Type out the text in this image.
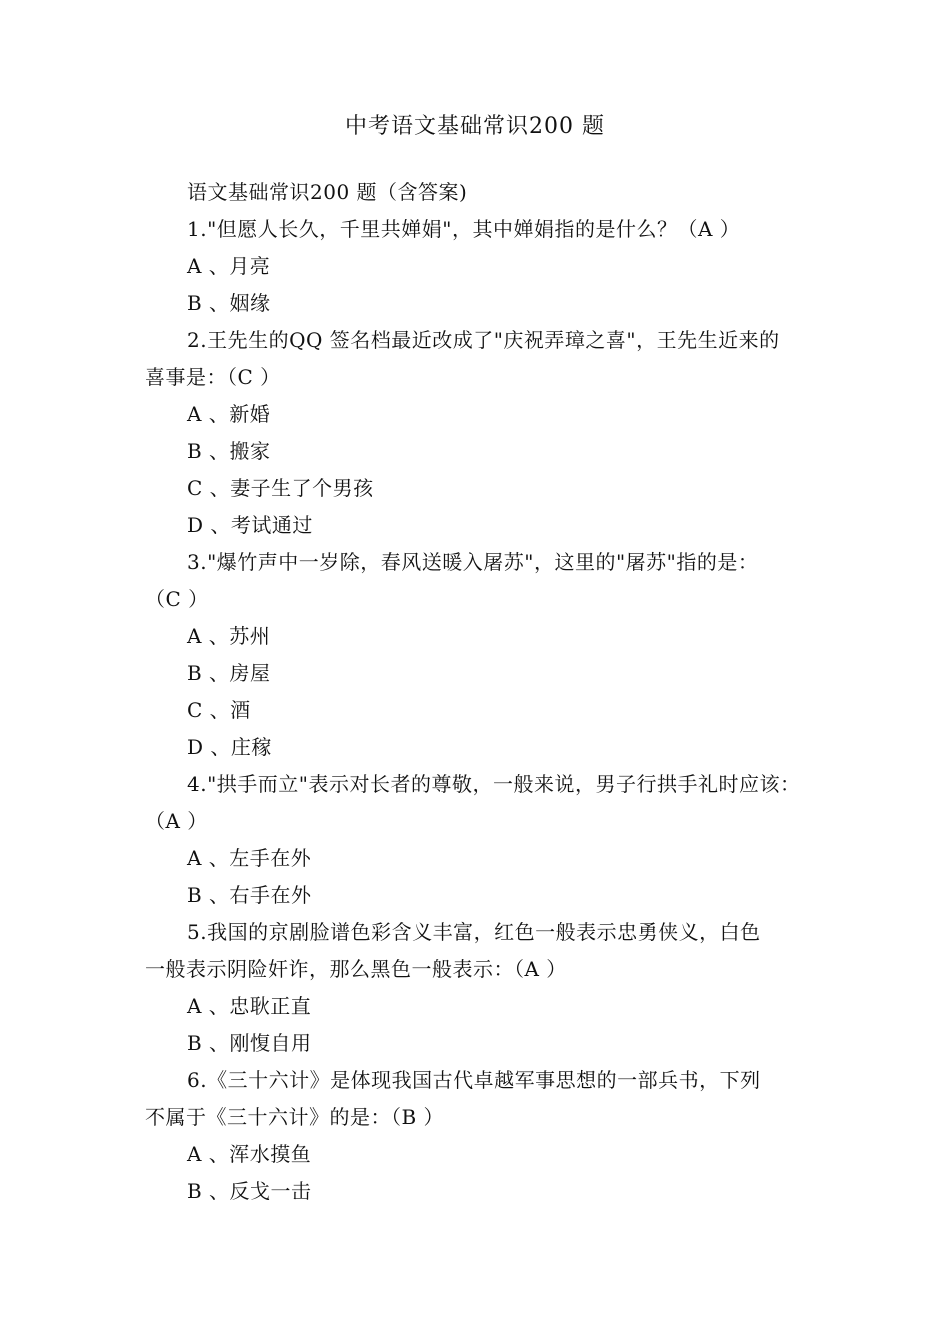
中考语文基础常识200 题
语文基础常识200 题（含答案)
1."但愿人长久，千里共婵娟"，其中婵娟指的是什么？（A ）
A 、月亮
B 、姻缘
2.王先生的QQ 签名档最近改成了"庆祝弄璋之喜"，王先生近来的
喜事是：（C ）
A 、新婚
B 、搬家
C 、妻子生了个男孩
D 、考试通过
3."爆竹声中一岁除，春风送暖入屠苏"，这里的"屠苏"指的是：
（C ）
A 、苏州
B 、房屋
C 、酒
D 、庄稼
4."拱手而立"表示对长者的尊敬，一般来说，男子行拱手礼时应该：
（A ）
A 、左手在外
B 、右手在外
5.我国的京剧脸谱色彩含义丰富，红色一般表示忠勇侠义，白色
一般表示阴险奸诈，那么黑色一般表示：（A ）
A 、忠耿正直
B 、刚愎自用
6.《三十六计》是体现我国古代卓越军事思想的一部兵书，下列
不属于《三十六计》的是：（B ）
A 、浑水摸鱼
B 、反戈一击
